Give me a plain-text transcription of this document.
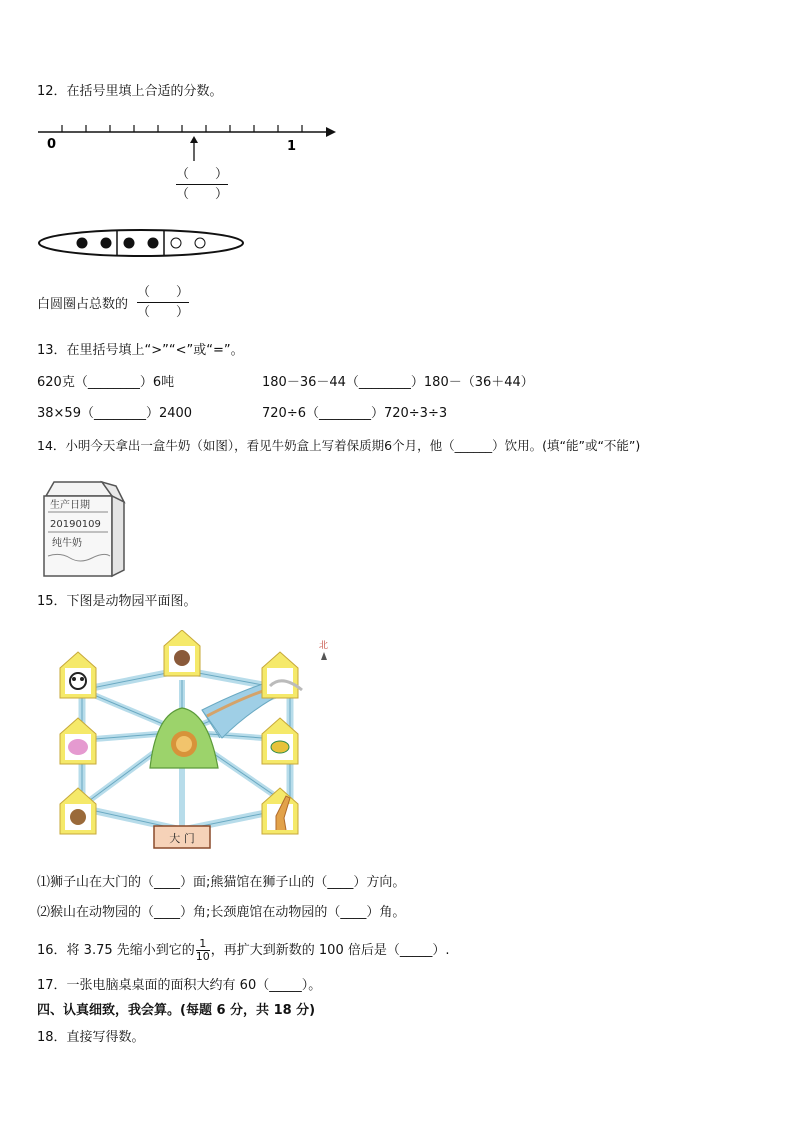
12．在括号里填上合适的分数。
0	1
（　　）
（　　）
白圆圈占总数的
（　　）
（　　）
13．在里括号填上“>”“<”或“=”。
620克（________）6吨	180－36－44（________）180－（36＋44）
38×59（________）2400	720÷6（________）720÷3÷3
14．小明今天拿出一盒牛奶（如图），看见牛奶盒上写着保质期6个月，他（______）饮用。(填“能”或“不能”)
生产日期
20190109
纯牛奶
15．下图是动物园平面图。
大 门
北
⑴狮子山在大门的（____）面;熊猫馆在狮子山的（____）方向。
⑵猴山在动物园的（____）角;长颈鹿馆在动物园的（____）角。
16．将 3.75 先缩小到它的 $\frac{1}{10}$ ，再扩大到新数的 100 倍后是（_____）.
17．一张电脑桌桌面的面积大约有 60（_____）。
四、认真细致，我会算。(每题 6 分，共 18 分)
18．直接写得数。
